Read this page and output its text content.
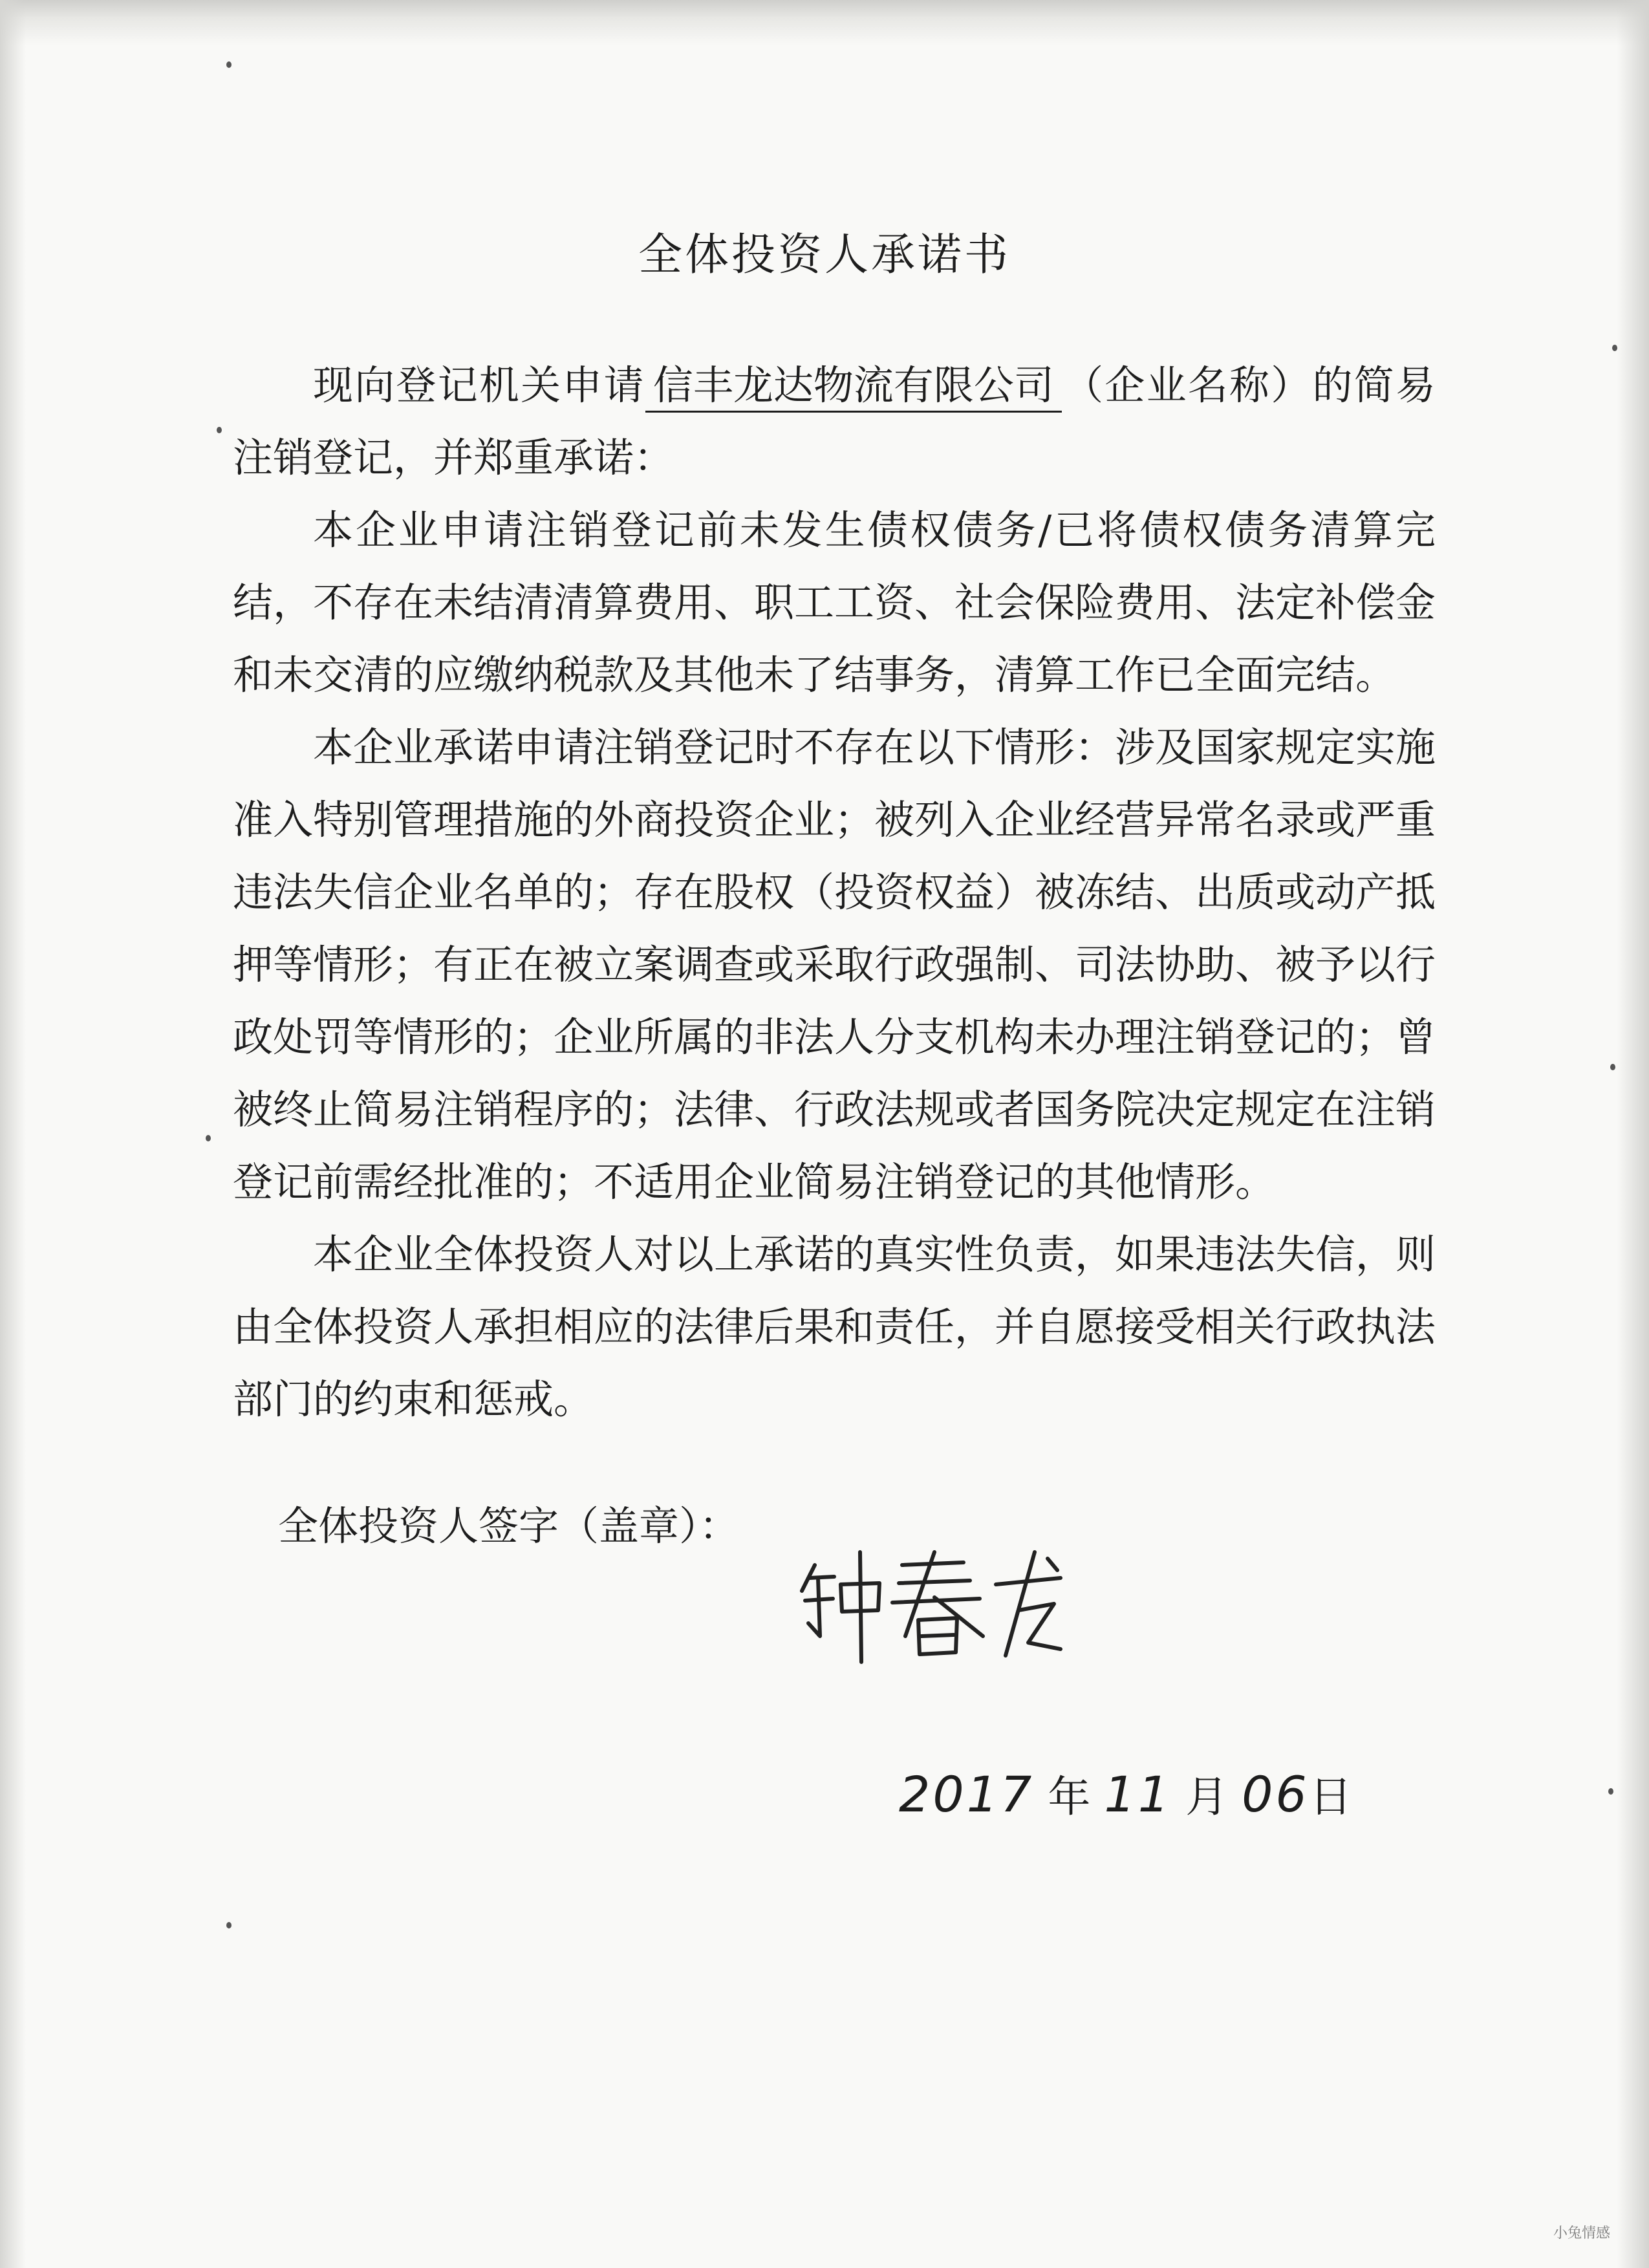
全体投资人承诺书

现向登记机关申请 信丰龙达物流有限公司 （企业名称）的简易注销登记，并郑重承诺：

本企业申请注销登记前未发生债权债务/已将债权债务清算完结，不存在未结清清算费用、职工工资、社会保险费用、法定补偿金和未交清的应缴纳税款及其他未了结事务，清算工作已全面完结。

本企业承诺申请注销登记时不存在以下情形：涉及国家规定实施准入特别管理措施的外商投资企业；被列入企业经营异常名录或严重违法失信企业名单的；存在股权（投资权益）被冻结、出质或动产抵押等情形；有正在被立案调查或采取行政强制、司法协助、被予以行政处罚等情形的；企业所属的非法人分支机构未办理注销登记的；曾被终止简易注销程序的；法律、行政法规或者国务院决定规定在注销登记前需经批准的；不适用企业简易注销登记的其他情形。

本企业全体投资人对以上承诺的真实性负责，如果违法失信，则由全体投资人承担相应的法律后果和责任，并自愿接受相关行政执法部门的约束和惩戒。

全体投资人签字（盖章）：
2017 年 11 月 06日
小兔情感
